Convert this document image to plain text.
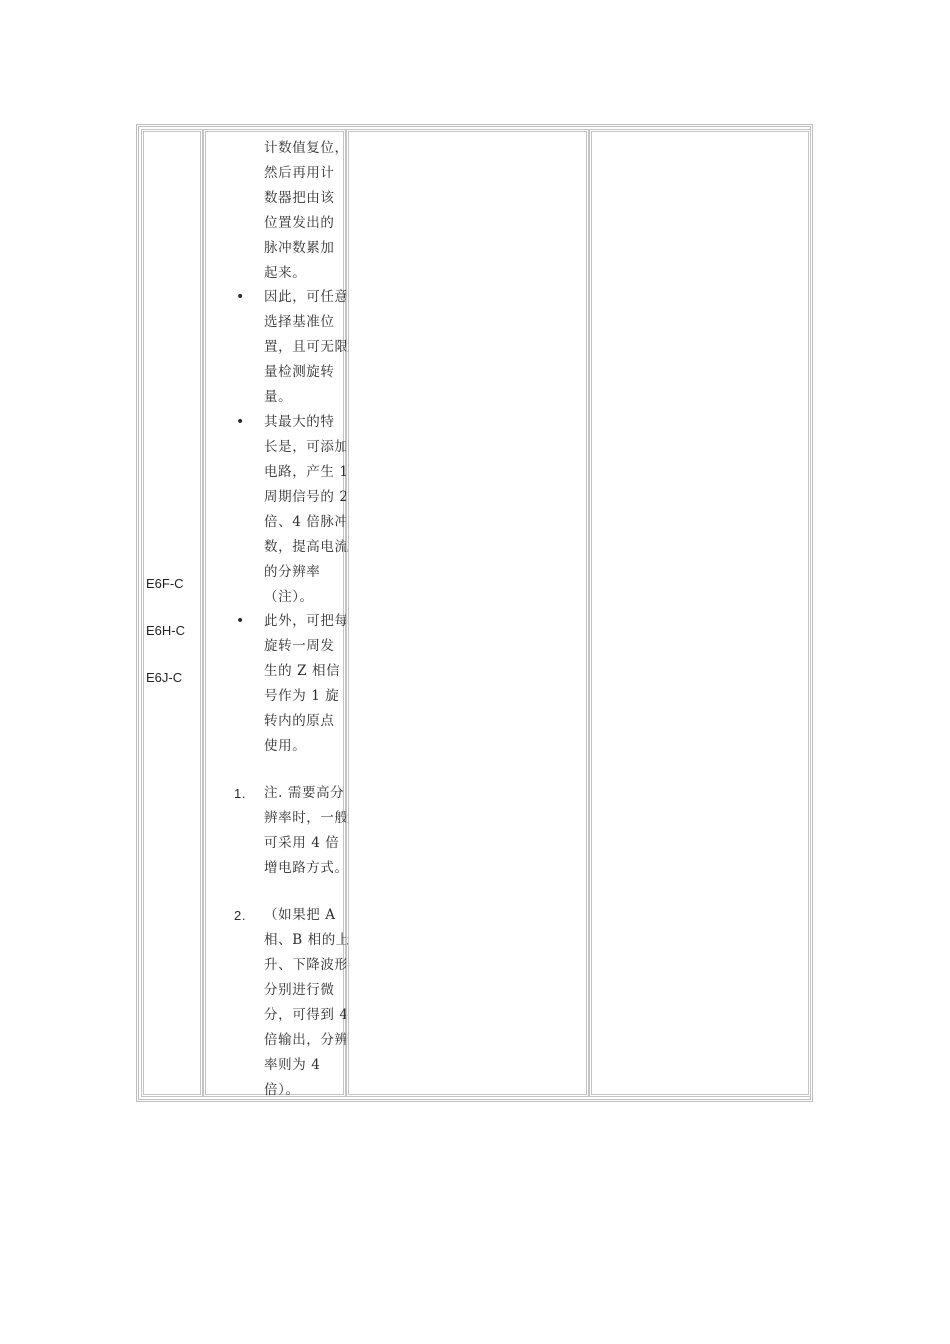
E6F-C
E6H-C
E6J-C
计数值复位，
然后再用计
数器把由该
位置发出的
脉冲数累加
起来。
• 因此，可任意
选择基准位
置，且可无限
量检测旋转
量。
• 其最大的特
长是，可添加
电路，产生 1
周期信号的 2
倍、4 倍脉冲
数，提高电流
的分辨率
（注）。
• 此外，可把每
旋转一周发
生的 Z 相信
号作为 1 旋
转内的原点
使用。
1. 注. 需要高分
辨率时，一般
可采用 4 倍
增电路方式。
2. （如果把 A
相、B 相的上
升、下降波形
分别进行微
分，可得到 4
倍输出，分辨
率则为 4
倍）。
